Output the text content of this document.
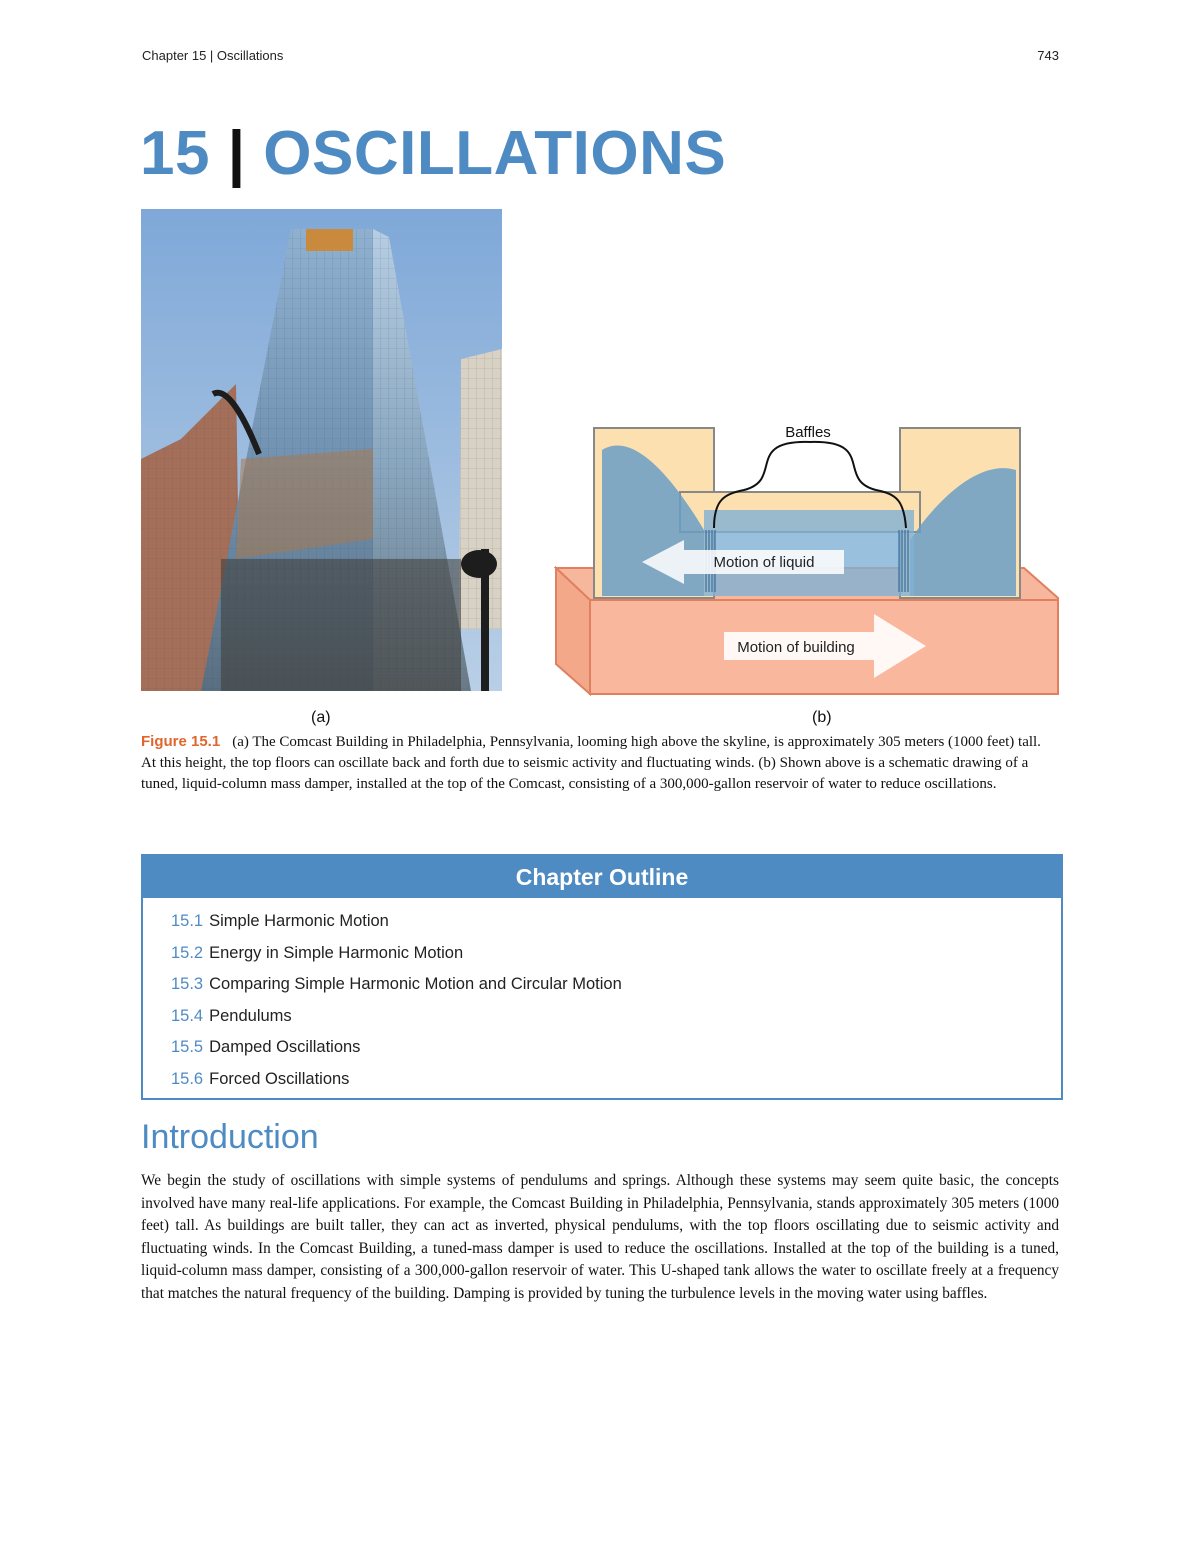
Chapter 15 | Oscillations	743
15 | OSCILLATIONS
Baffles
Motion of liquid
Motion of building
(a)	(b)
Figure 15.1 (a) The Comcast Building in Philadelphia, Pennsylvania, looming high above the skyline, is approximately 305 meters (1000 feet) tall. At this height, the top floors can oscillate back and forth due to seismic activity and fluctuating winds. (b) Shown above is a schematic drawing of a tuned, liquid-column mass damper, installed at the top of the Comcast, consisting of a 300,000-gallon reservoir of water to reduce oscillations.
Chapter Outline
15.1 Simple Harmonic Motion
15.2 Energy in Simple Harmonic Motion
15.3 Comparing Simple Harmonic Motion and Circular Motion
15.4 Pendulums
15.5 Damped Oscillations
15.6 Forced Oscillations
Introduction
We begin the study of oscillations with simple systems of pendulums and springs. Although these systems may seem quite basic, the concepts involved have many real-life applications. For example, the Comcast Building in Philadelphia, Pennsylvania, stands approximately 305 meters (1000 feet) tall. As buildings are built taller, they can act as inverted, physical pendulums, with the top floors oscillating due to seismic activity and fluctuating winds. In the Comcast Building, a tuned-mass damper is used to reduce the oscillations. Installed at the top of the building is a tuned, liquid-column mass damper, consisting of a 300,000-gallon reservoir of water. This U-shaped tank allows the water to oscillate freely at a frequency that matches the natural frequency of the building. Damping is provided by tuning the turbulence levels in the moving water using baffles.
